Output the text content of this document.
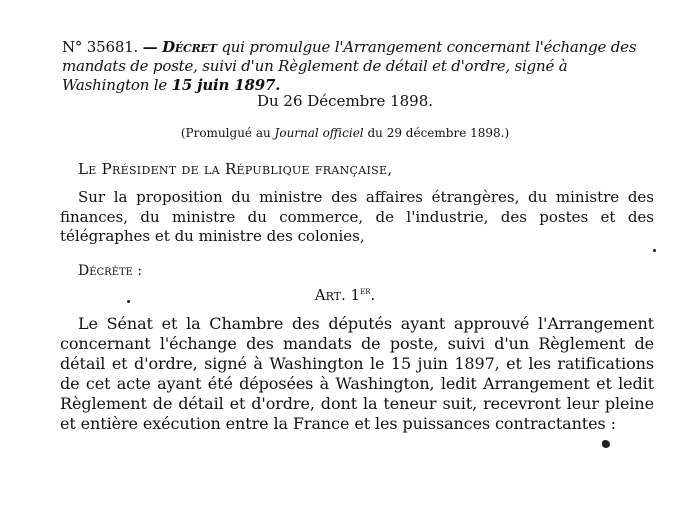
N° 35681. — Décret qui promulgue l'Arrangement concernant l'échange des mandats de poste, suivi d'un Règlement de détail et d'ordre, signé à Washington le 15 juin 1897.
Du 26 Décembre 1898.
(Promulgué au Journal officiel du 29 décembre 1898.)
Le Président de la République française,
Sur la proposition du ministre des affaires étrangères, du ministre des finances, du ministre du commerce, de l'industrie, des postes et des télégraphes et du ministre des colonies,
Décrète :
Art. 1er.
Le Sénat et la Chambre des députés ayant approuvé l'Arrangement concernant l'échange des mandats de poste, suivi d'un Règlement de détail et d'ordre, signé à Washington le 15 juin 1897, et les ratifications de cet acte ayant été déposées à Washington, ledit Arrangement et ledit Règlement de détail et d'ordre, dont la teneur suit, recevront leur pleine et entière exécution entre la France et les puissances contractantes :
